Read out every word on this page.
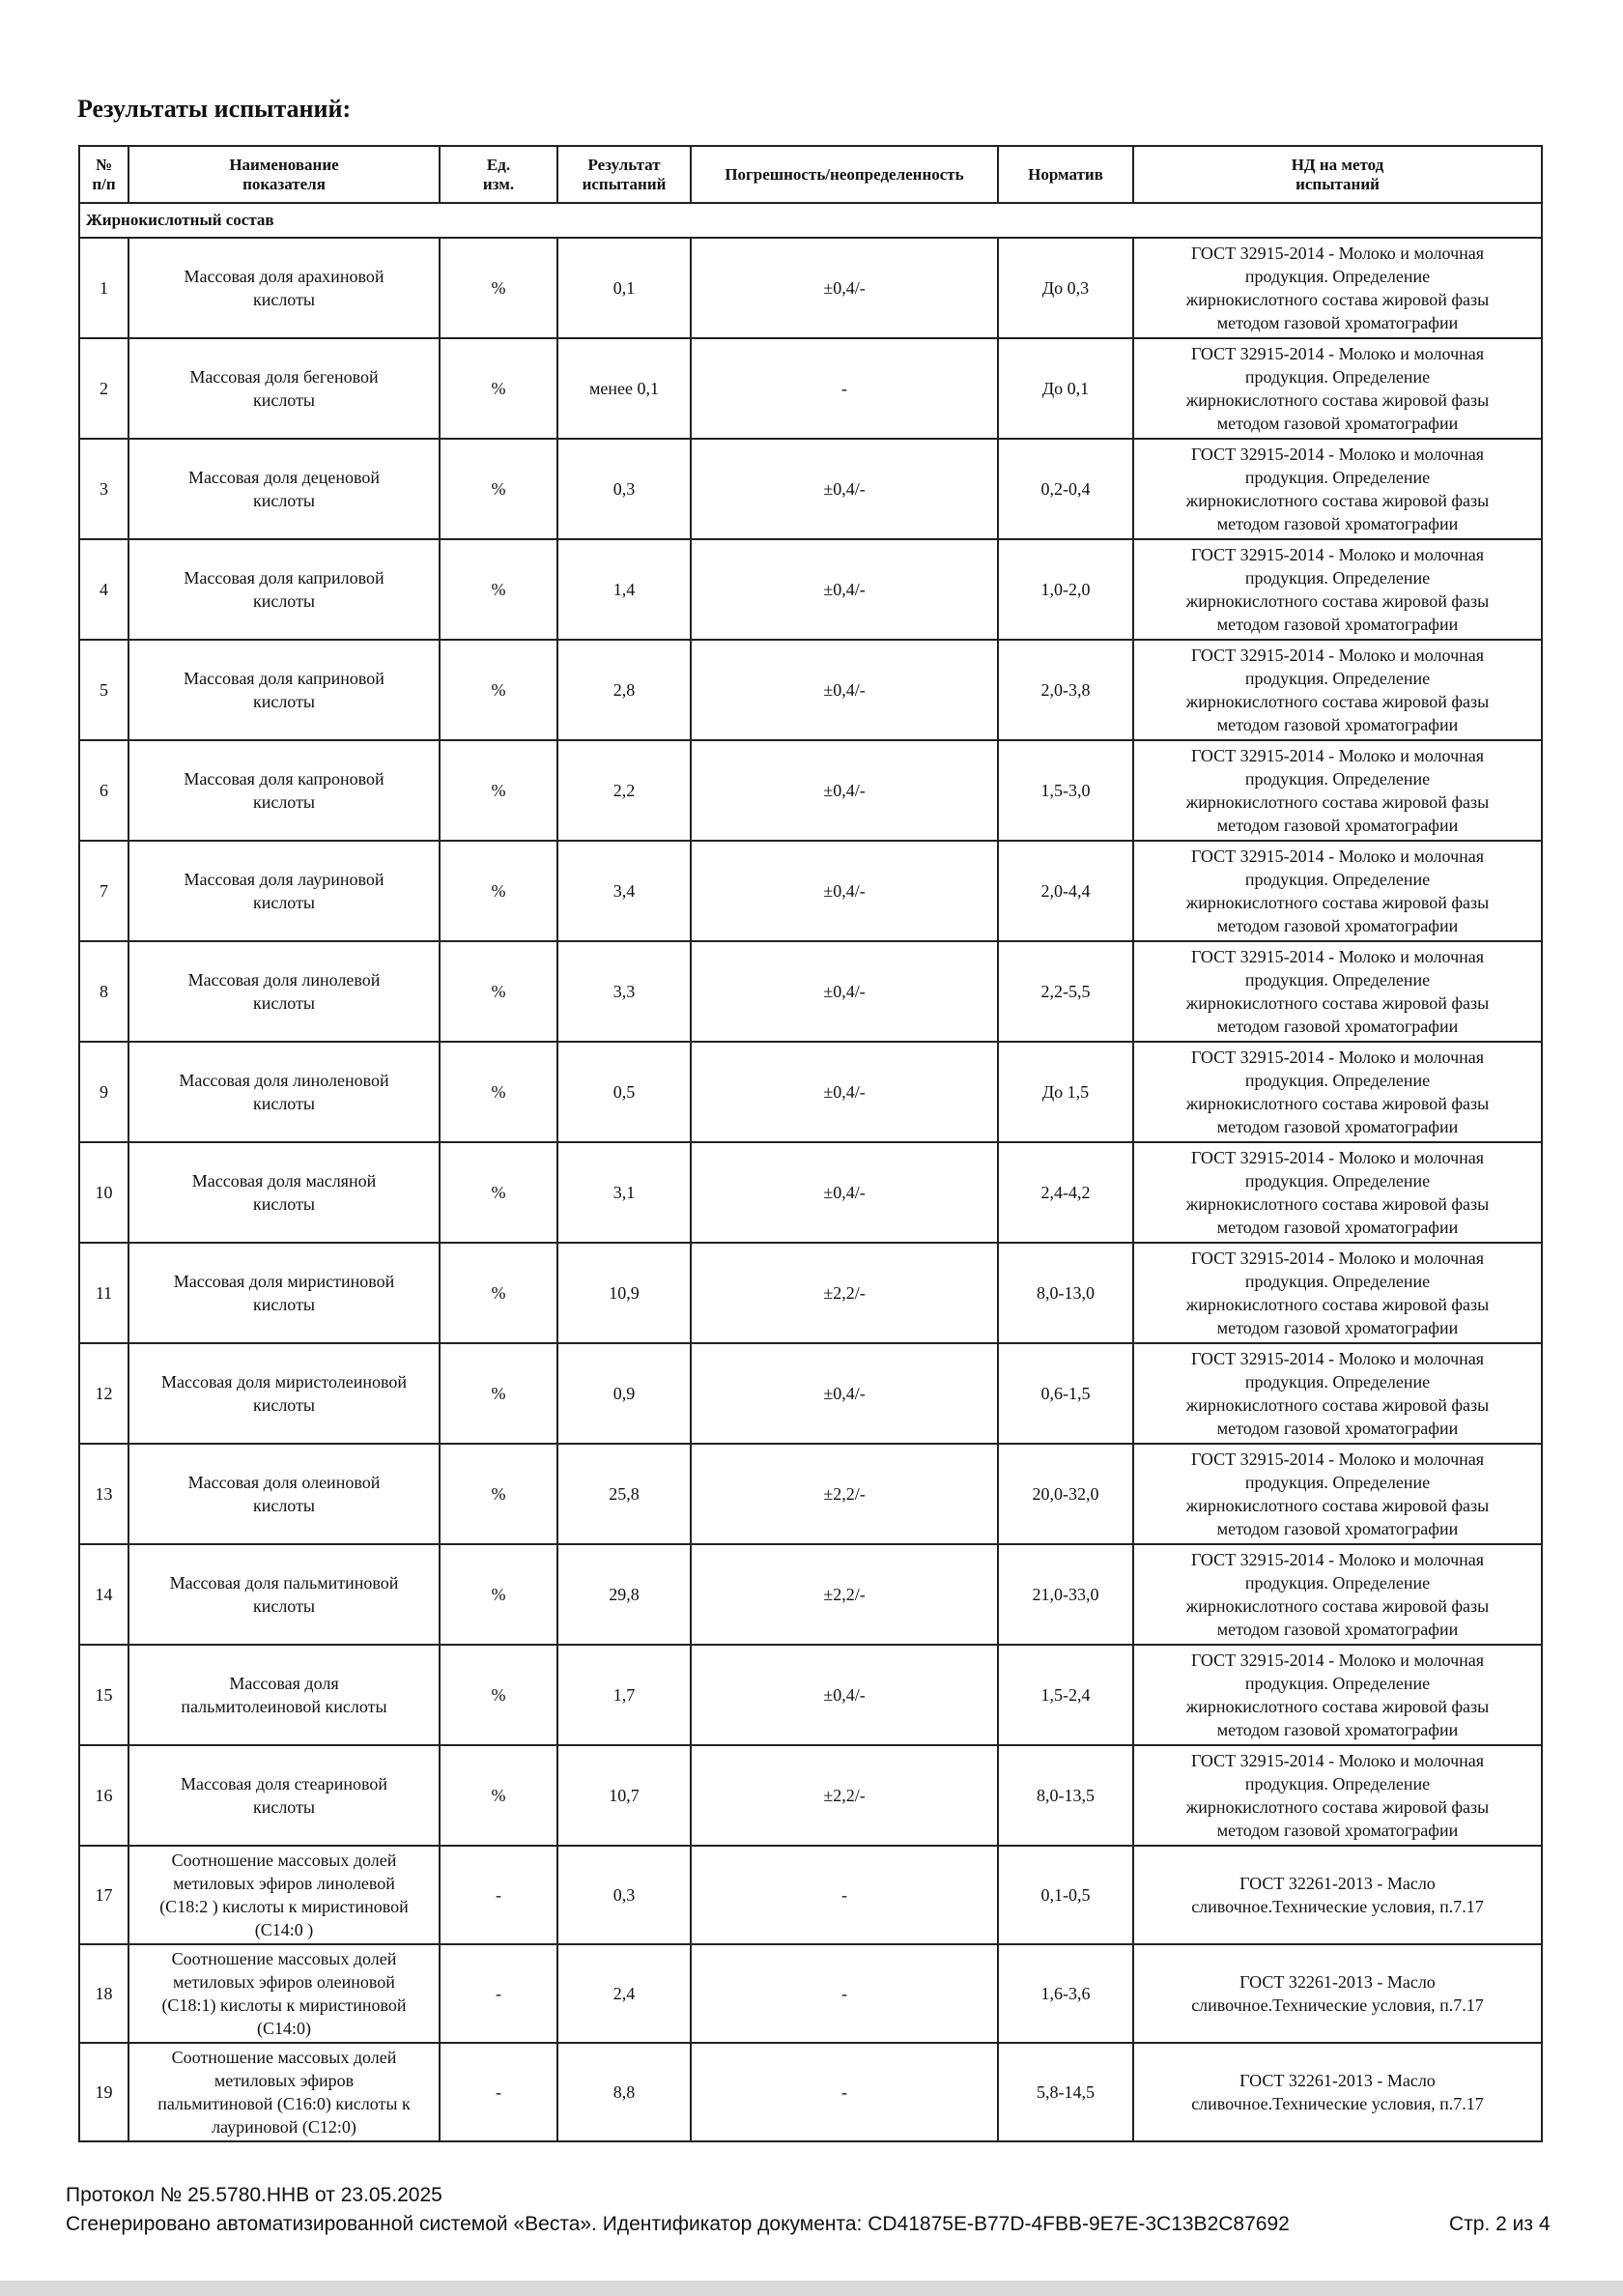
Результаты испытаний:
№
п/п	Наименование
показателя	Ед.
изм.	Результат
испытаний	Погрешность/неопределенность	Норматив	НД на метод
испытаний
Жирнокислотный состав						
1	Массовая доля арахиновой
кислоты	%	0,1	±0,4/-	До 0,3	ГОСТ 32915-2014 - Молоко и молочная
продукция. Определение
жирнокислотного состава жировой фазы
методом газовой хроматографии
2	Массовая доля бегеновой
кислоты	%	менее 0,1	-	До 0,1	ГОСТ 32915-2014 - Молоко и молочная
продукция. Определение
жирнокислотного состава жировой фазы
методом газовой хроматографии
3	Массовая доля деценовой
кислоты	%	0,3	±0,4/-	0,2-0,4	ГОСТ 32915-2014 - Молоко и молочная
продукция. Определение
жирнокислотного состава жировой фазы
методом газовой хроматографии
4	Массовая доля каприловой
кислоты	%	1,4	±0,4/-	1,0-2,0	ГОСТ 32915-2014 - Молоко и молочная
продукция. Определение
жирнокислотного состава жировой фазы
методом газовой хроматографии
5	Массовая доля каприновой
кислоты	%	2,8	±0,4/-	2,0-3,8	ГОСТ 32915-2014 - Молоко и молочная
продукция. Определение
жирнокислотного состава жировой фазы
методом газовой хроматографии
6	Массовая доля капроновой
кислоты	%	2,2	±0,4/-	1,5-3,0	ГОСТ 32915-2014 - Молоко и молочная
продукция. Определение
жирнокислотного состава жировой фазы
методом газовой хроматографии
7	Массовая доля лауриновой
кислоты	%	3,4	±0,4/-	2,0-4,4	ГОСТ 32915-2014 - Молоко и молочная
продукция. Определение
жирнокислотного состава жировой фазы
методом газовой хроматографии
8	Массовая доля линолевой
кислоты	%	3,3	±0,4/-	2,2-5,5	ГОСТ 32915-2014 - Молоко и молочная
продукция. Определение
жирнокислотного состава жировой фазы
методом газовой хроматографии
9	Массовая доля линоленовой
кислоты	%	0,5	±0,4/-	До 1,5	ГОСТ 32915-2014 - Молоко и молочная
продукция. Определение
жирнокислотного состава жировой фазы
методом газовой хроматографии
10	Массовая доля масляной
кислоты	%	3,1	±0,4/-	2,4-4,2	ГОСТ 32915-2014 - Молоко и молочная
продукция. Определение
жирнокислотного состава жировой фазы
методом газовой хроматографии
11	Массовая доля миристиновой
кислоты	%	10,9	±2,2/-	8,0-13,0	ГОСТ 32915-2014 - Молоко и молочная
продукция. Определение
жирнокислотного состава жировой фазы
методом газовой хроматографии
12	Массовая доля миристолеиновой
кислоты	%	0,9	±0,4/-	0,6-1,5	ГОСТ 32915-2014 - Молоко и молочная
продукция. Определение
жирнокислотного состава жировой фазы
методом газовой хроматографии
13	Массовая доля олеиновой
кислоты	%	25,8	±2,2/-	20,0-32,0	ГОСТ 32915-2014 - Молоко и молочная
продукция. Определение
жирнокислотного состава жировой фазы
методом газовой хроматографии
14	Массовая доля пальмитиновой
кислоты	%	29,8	±2,2/-	21,0-33,0	ГОСТ 32915-2014 - Молоко и молочная
продукция. Определение
жирнокислотного состава жировой фазы
методом газовой хроматографии
15	Массовая доля
пальмитолеиновой кислоты	%	1,7	±0,4/-	1,5-2,4	ГОСТ 32915-2014 - Молоко и молочная
продукция. Определение
жирнокислотного состава жировой фазы
методом газовой хроматографии
16	Массовая доля стеариновой
кислоты	%	10,7	±2,2/-	8,0-13,5	ГОСТ 32915-2014 - Молоко и молочная
продукция. Определение
жирнокислотного состава жировой фазы
методом газовой хроматографии
17	Соотношение массовых долей
метиловых эфиров линолевой
(C18:2 ) кислоты к миристиновой
(C14:0 )	-	0,3	-	0,1-0,5	ГОСТ 32261-2013 - Масло
сливочное.Технические условия, п.7.17
18	Соотношение массовых долей
метиловых эфиров олеиновой
(C18:1) кислоты к миристиновой
(C14:0)	-	2,4	-	1,6-3,6	ГОСТ 32261-2013 - Масло
сливочное.Технические условия, п.7.17
19	Соотношение массовых долей
метиловых эфиров
пальмитиновой (C16:0) кислоты к
лауриновой (C12:0)	-	8,8	-	5,8-14,5	ГОСТ 32261-2013 - Масло
сливочное.Технические условия, п.7.17
Протокол № 25.5780.НHB от 23.05.2025
Сгенерировано автоматизированной системой «Веста». Идентификатор документа: CD41875E-B77D-4FBB-9E7E-3C13B2C87692	Стр. 2 из 4
